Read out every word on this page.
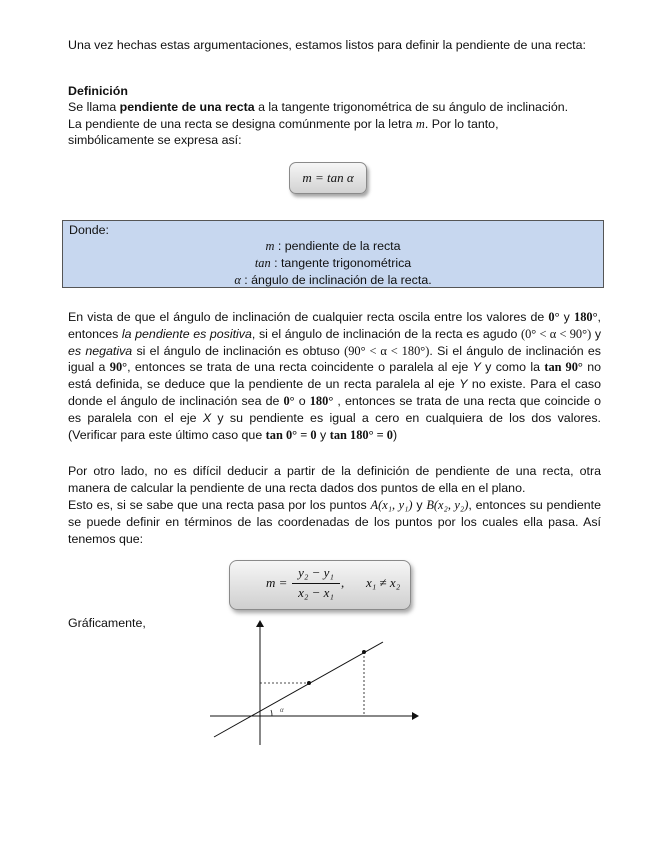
Una vez hechas estas argumentaciones, estamos listos para definir la pendiente de una recta:

Definición

Se llama pendiente de una recta a la tangente trigonométrica de su ángulo de inclinación.
La pendiente de una recta se designa comúnmente por la letra m. Por lo tanto,
simbólicamente se expresa así:
m = tan α
Donde:
m : pendiente de la recta
tan : tangente trigonométrica
α : ángulo de inclinación de la recta.

En vista de que el ángulo de inclinación de cualquier recta oscila entre los valores de 0° y 180°, entonces la pendiente es positiva, si el ángulo de inclinación de la recta es agudo (0° < α < 90°) y es negativa si el ángulo de inclinación es obtuso (90° < α < 180°). Si el ángulo de inclinación es igual a 90°, entonces se trata de una recta coincidente o paralela al eje Y y como la tan 90° no está definida, se deduce que la pendiente de un recta paralela al eje Y no existe. Para el caso donde el ángulo de inclinación sea de 0° o 180° , entonces se trata de una recta que coincide o es paralela con el eje X y su pendiente es igual a cero en cualquiera de los dos valores. (Verificar para este último caso que tan 0° = 0 y tan 180° = 0)

Por otro lado, no es difícil deducir a partir de la definición de pendiente de una recta, otra manera de calcular la pendiente de una recta dados dos puntos de ella en el plano.

Esto es, si se sabe que una recta pasa por los puntos A(x₁, y₁) y B(x₂, y₂), entonces su pendiente se puede definir en términos de las coordenadas de los puntos por los cuales ella pasa. Así tenemos que:

$m = \frac{\text{y₂ − y₁}}{\text{x₂ − x₁}}$ , x₁ ≠ x₂

Gráficamente,

α
